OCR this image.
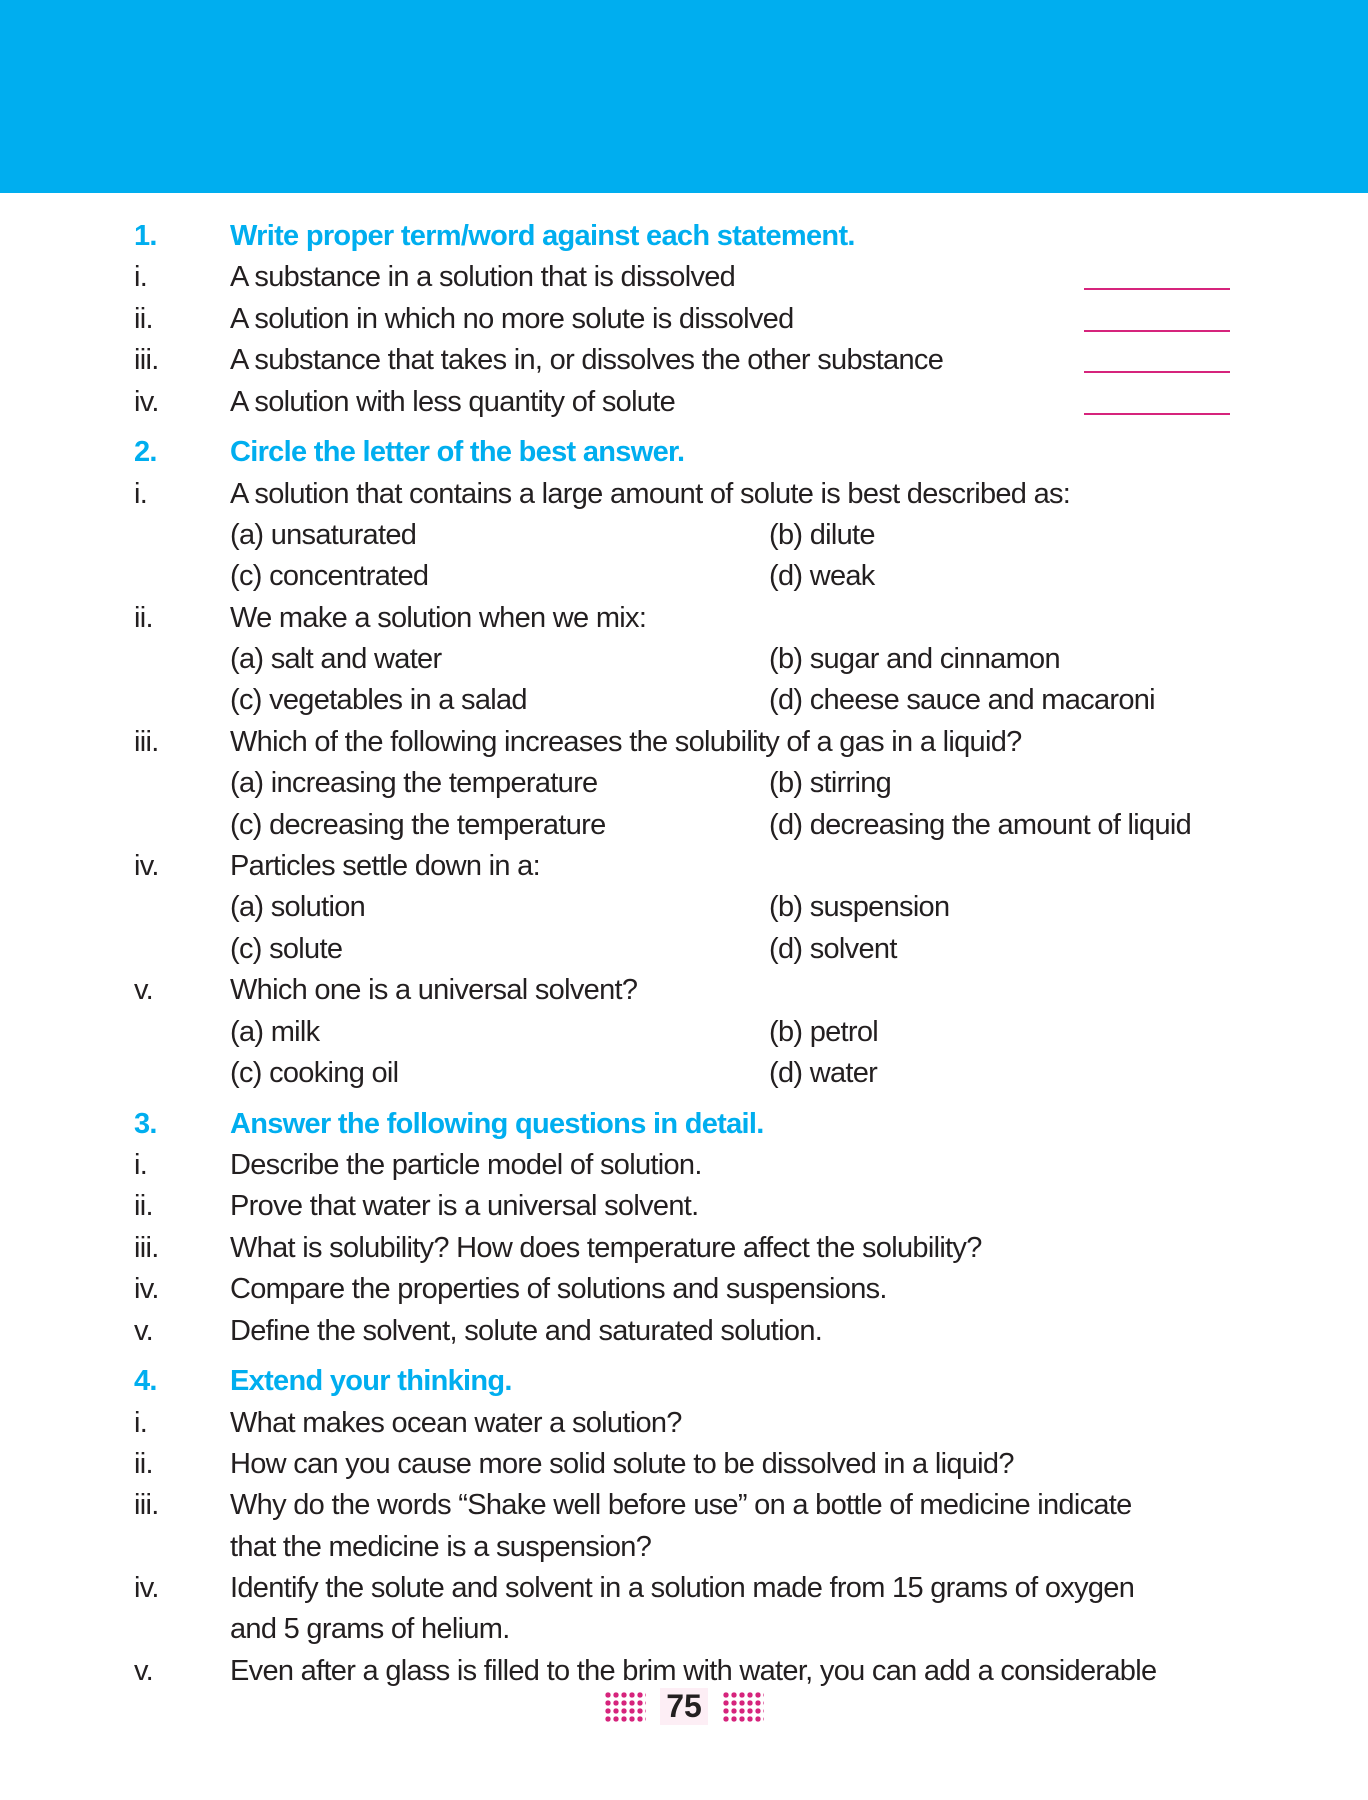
1.	Write proper term/word against each statement.
i.	A substance in a solution that is dissolved
ii.	A solution in which no more solute is dissolved
iii. A substance that takes in, or dissolves the other substance
iv. A solution with less quantity of solute
2.	Circle the letter of the best answer.
i.	A solution that contains a large amount of solute is best described as:
(a) unsaturated	(b) dilute
(c) concentrated	(d) weak
ii.	We make a solution when we mix:
(a) salt and water	(b) sugar and cinnamon
(c) vegetables in a salad	(d) cheese sauce and macaroni
iii. Which of the following increases the solubility of a gas in a liquid?
(a) increasing the temperature	(b) stirring
(c) decreasing the temperature	(d) decreasing the amount of liquid
iv. Particles settle down in a:
(a) solution	(b) suspension
(c) solute	(d) solvent
v.	Which one is a universal solvent?
(a) milk	(b) petrol
(c) cooking oil	(d) water
3.	Answer the following questions in detail.
i.	Describe the particle model of solution.
ii.	Prove that water is a universal solvent.
iii. What is solubility? How does temperature affect the solubility?
iv. Compare the properties of solutions and suspensions.
v.	Define the solvent, solute and saturated solution.
4.	Extend your thinking.
i.	What makes ocean water a solution?
ii.	How can you cause more solid solute to be dissolved in a liquid?
iii. Why do the words “Shake well before use” on a bottle of medicine indicate
that the medicine is a suspension?
iv. Identify the solute and solvent in a solution made from 15 grams of oxygen
and 5 grams of helium.
v.	Even after a glass is filled to the brim with water, you can add a considerable
75
